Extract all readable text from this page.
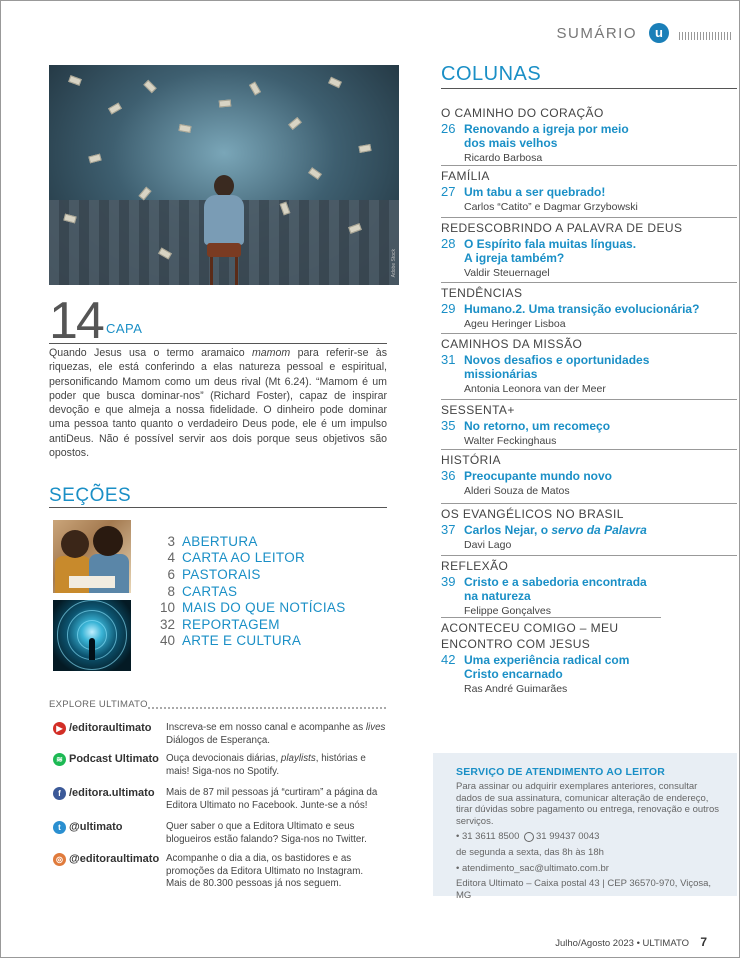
SUMÁRIO	u
Adobe Stock
14 CAPA
Quando Jesus usa o termo aramaico mamom para referir-se às riquezas, ele está conferindo a elas natureza pessoal e espiritual, personificando Mamom como um deus rival (Mt 6.24). “Mamom é um poder que busca dominar-nos” (Richard Foster), capaz de inspirar devoção e que almeja a nossa fidelidade. O dinheiro pode dominar uma pessoa tanto quanto o verdadeiro Deus pode, ele é um impulso antiDeus. Não é possível servir aos dois porque seus objetivos são opostos.
SEÇÕES
3 ABERTURA
4 CARTA AO LEITOR
6 PASTORAIS
8 CARTAS
10 MAIS DO QUE NOTÍCIAS
32 REPORTAGEM
40 ARTE E CULTURA
EXPLORE ULTIMATO
▶ /editoraultimato Inscreva-se em nosso canal e acompanhe as lives Diálogos de Esperança.
≋ Podcast Ultimato Ouça devocionais diárias, playlists, histórias e mais! Siga-nos no Spotify.
f /editora.ultimato Mais de 87 mil pessoas já “curtiram” a página da Editora Ultimato no Facebook. Junte-se a nós!
t @ultimato	Quer saber o que a Editora Ultimato e seus blogueiros estão falando? Siga-nos no Twitter.
◎ @editoraultimato Acompanhe o dia a dia, os bastidores e as promoções da Editora Ultimato no Instagram. Mais de 80.300 pessoas já nos seguem.
COLUNAS
O CAMINHO DO CORAÇÃO
26 Renovando a igreja por meio
dos mais velhos
Ricardo Barbosa
FAMÍLIA
27 Um tabu a ser quebrado!
Carlos “Catito” e Dagmar Grzybowski
REDESCOBRINDO A PALAVRA DE DEUS
28 O Espírito fala muitas línguas.
A igreja também?
Valdir Steuernagel
TENDÊNCIAS
29 Humano.2. Uma transição evolucionária?
Ageu Heringer Lisboa
CAMINHOS DA MISSÃO
31 Novos desafios e oportunidades
missionárias
Antonia Leonora van der Meer
SESSENTA+
35 No retorno, um recomeço
Walter Feckinghaus
HISTÓRIA
36 Preocupante mundo novo
Alderi Souza de Matos
OS EVANGÉLICOS NO BRASIL
37 Carlos Nejar, o servo da Palavra
Davi Lago
REFLEXÃO
39 Cristo e a sabedoria encontrada
na natureza
Felippe Gonçalves
ACONTECEU COMIGO – MEU ENCONTRO COM JESUS
42 Uma experiência radical com
Cristo encarnado
Ras André Guimarães
SERVIÇO DE ATENDIMENTO AO LEITOR

Para assinar ou adquirir exemplares anteriores, consultar dados de sua assinatura, comunicar alteração de endereço, tirar dúvidas sobre pagamento ou entrega, renovação e outros serviços.

• 31 3611 8500
31 99437 0043
de segunda a sexta, das 8h às 18h
• atendimento_sac@ultimato.com.br
Editora Ultimato – Caixa postal 43 | CEP 36570-970, Viçosa, MG
Julho/Agosto 2023 • ULTIMATO 7
